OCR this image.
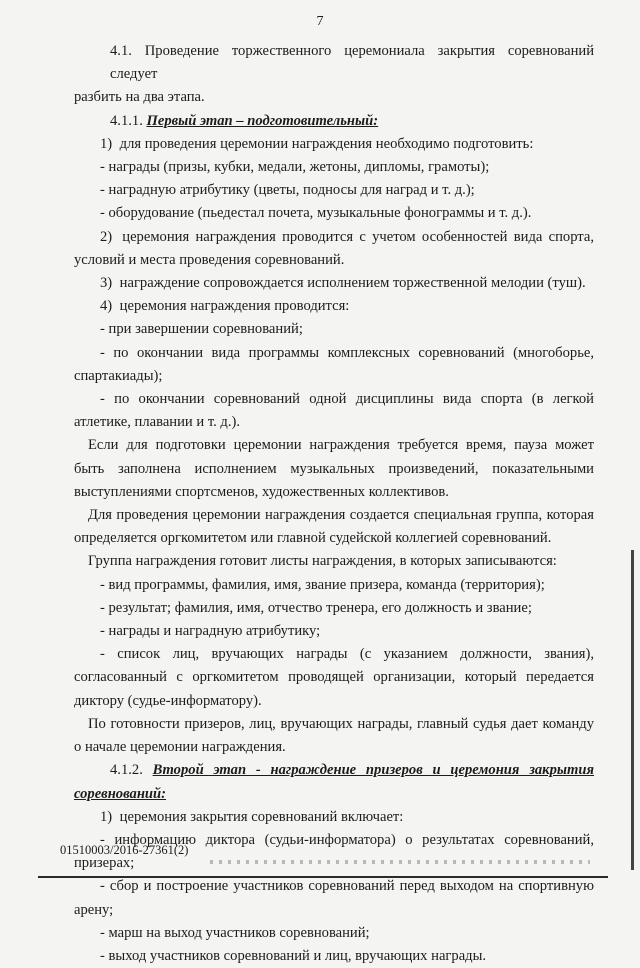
7

4.1. Проведение торжественного церемониала закрытия соревнований следует

разбить на два этапа.

4.1.1. Первый этап – подготовительный:

1) для проведения церемонии награждения необходимо подготовить:

- награды (призы, кубки, медали, жетоны, дипломы, грамоты);

- наградную атрибутику (цветы, подносы для наград и т. д.);

- оборудование (пьедестал почета, музыкальные фонограммы и т. д.).

2) церемония награждения проводится с учетом особенностей вида спорта,

условий и места проведения соревнований.

3) награждение сопровождается исполнением торжественной мелодии (туш).

4) церемония награждения проводится:

- при завершении соревнований;

- по окончании вида программы комплексных соревнований (многоборье,

спартакиады);

- по окончании соревнований одной дисциплины вида спорта (в легкой

атлетике, плавании и т. д.).

Если для подготовки церемонии награждения требуется время, пауза может

быть заполнена исполнением музыкальных произведений, показательными

выступлениями спортсменов, художественных коллективов.

Для проведения церемонии награждения создается специальная группа, которая

определяется оргкомитетом или главной судейской коллегией соревнований.

Группа награждения готовит листы награждения, в которых записываются:

- вид программы, фамилия, имя, звание призера, команда (территория);

- результат; фамилия, имя, отчество тренера, его должность и звание;

- награды и наградную атрибутику;

- список лиц, вручающих награды (с указанием должности, звания),

согласованный с оргкомитетом проводящей организации, который передается

диктору (судье-информатору).

По готовности призеров, лиц, вручающих награды, главный судья дает команду

о начале церемонии награждения.

4.1.2. Второй этап - награждение призеров и церемония закрытия

соревнований:

1) церемония закрытия соревнований включает:

- информацию диктора (судьи-информатора) о результатах соревнований,

призерах;

- сбор и построение участников соревнований перед выходом на спортивную

арену;

- марш на выход участников соревнований;

- выход участников соревнований и лиц, вручающих награды.

01510003/2016-27361(2)
